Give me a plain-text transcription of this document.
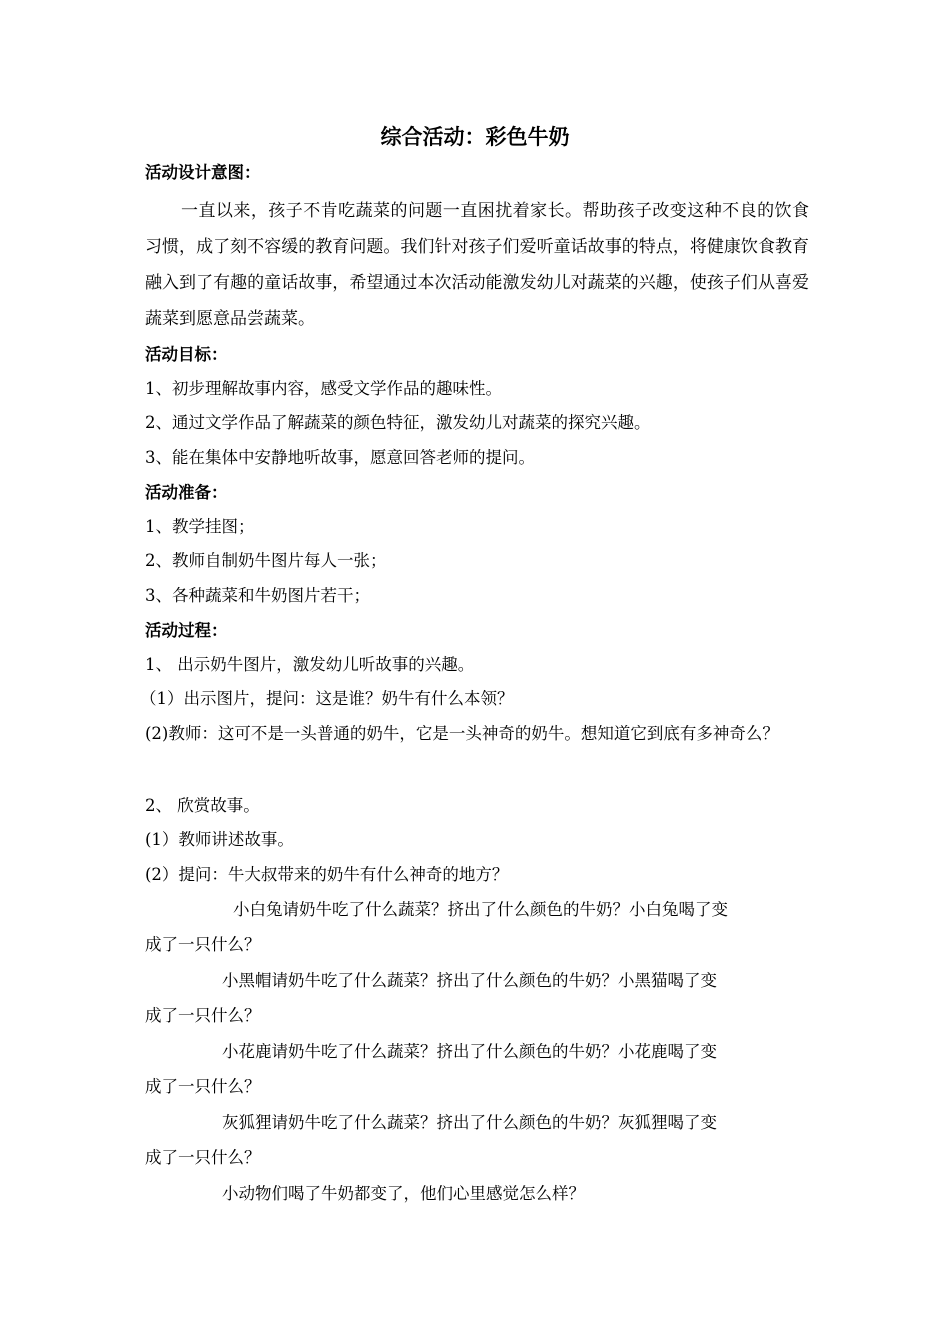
综合活动：彩色牛奶
活动设计意图：
一直以来，孩子不肯吃蔬菜的问题一直困扰着家长。帮助孩子改变这种不良的饮食习惯，成了刻不容缓的教育问题。我们针对孩子们爱听童话故事的特点，将健康饮食教育融入到了有趣的童话故事，希望通过本次活动能激发幼儿对蔬菜的兴趣，使孩子们从喜爱蔬菜到愿意品尝蔬菜。
活动目标：
1、初步理解故事内容，感受文学作品的趣味性。
2、通过文学作品了解蔬菜的颜色特征，激发幼儿对蔬菜的探究兴趣。
3、能在集体中安静地听故事，愿意回答老师的提问。
活动准备：
1、教学挂图；
2、教师自制奶牛图片每人一张；
3、各种蔬菜和牛奶图片若干；
活动过程：
1、 出示奶牛图片，激发幼儿听故事的兴趣。
（1）出示图片，提问：这是谁？奶牛有什么本领？
(2)教师：这可不是一头普通的奶牛，它是一头神奇的奶牛。想知道它到底有多神奇么？
2、 欣赏故事。
(1）教师讲述故事。
(2）提问：牛大叔带来的奶牛有什么神奇的地方？
小白兔请奶牛吃了什么蔬菜？挤出了什么颜色的牛奶？小白兔喝了变
成了一只什么？
小黑帽请奶牛吃了什么蔬菜？挤出了什么颜色的牛奶？小黑猫喝了变
成了一只什么？
小花鹿请奶牛吃了什么蔬菜？挤出了什么颜色的牛奶？小花鹿喝了变
成了一只什么？
灰狐狸请奶牛吃了什么蔬菜？挤出了什么颜色的牛奶？灰狐狸喝了变
成了一只什么？
小动物们喝了牛奶都变了，他们心里感觉怎么样？
